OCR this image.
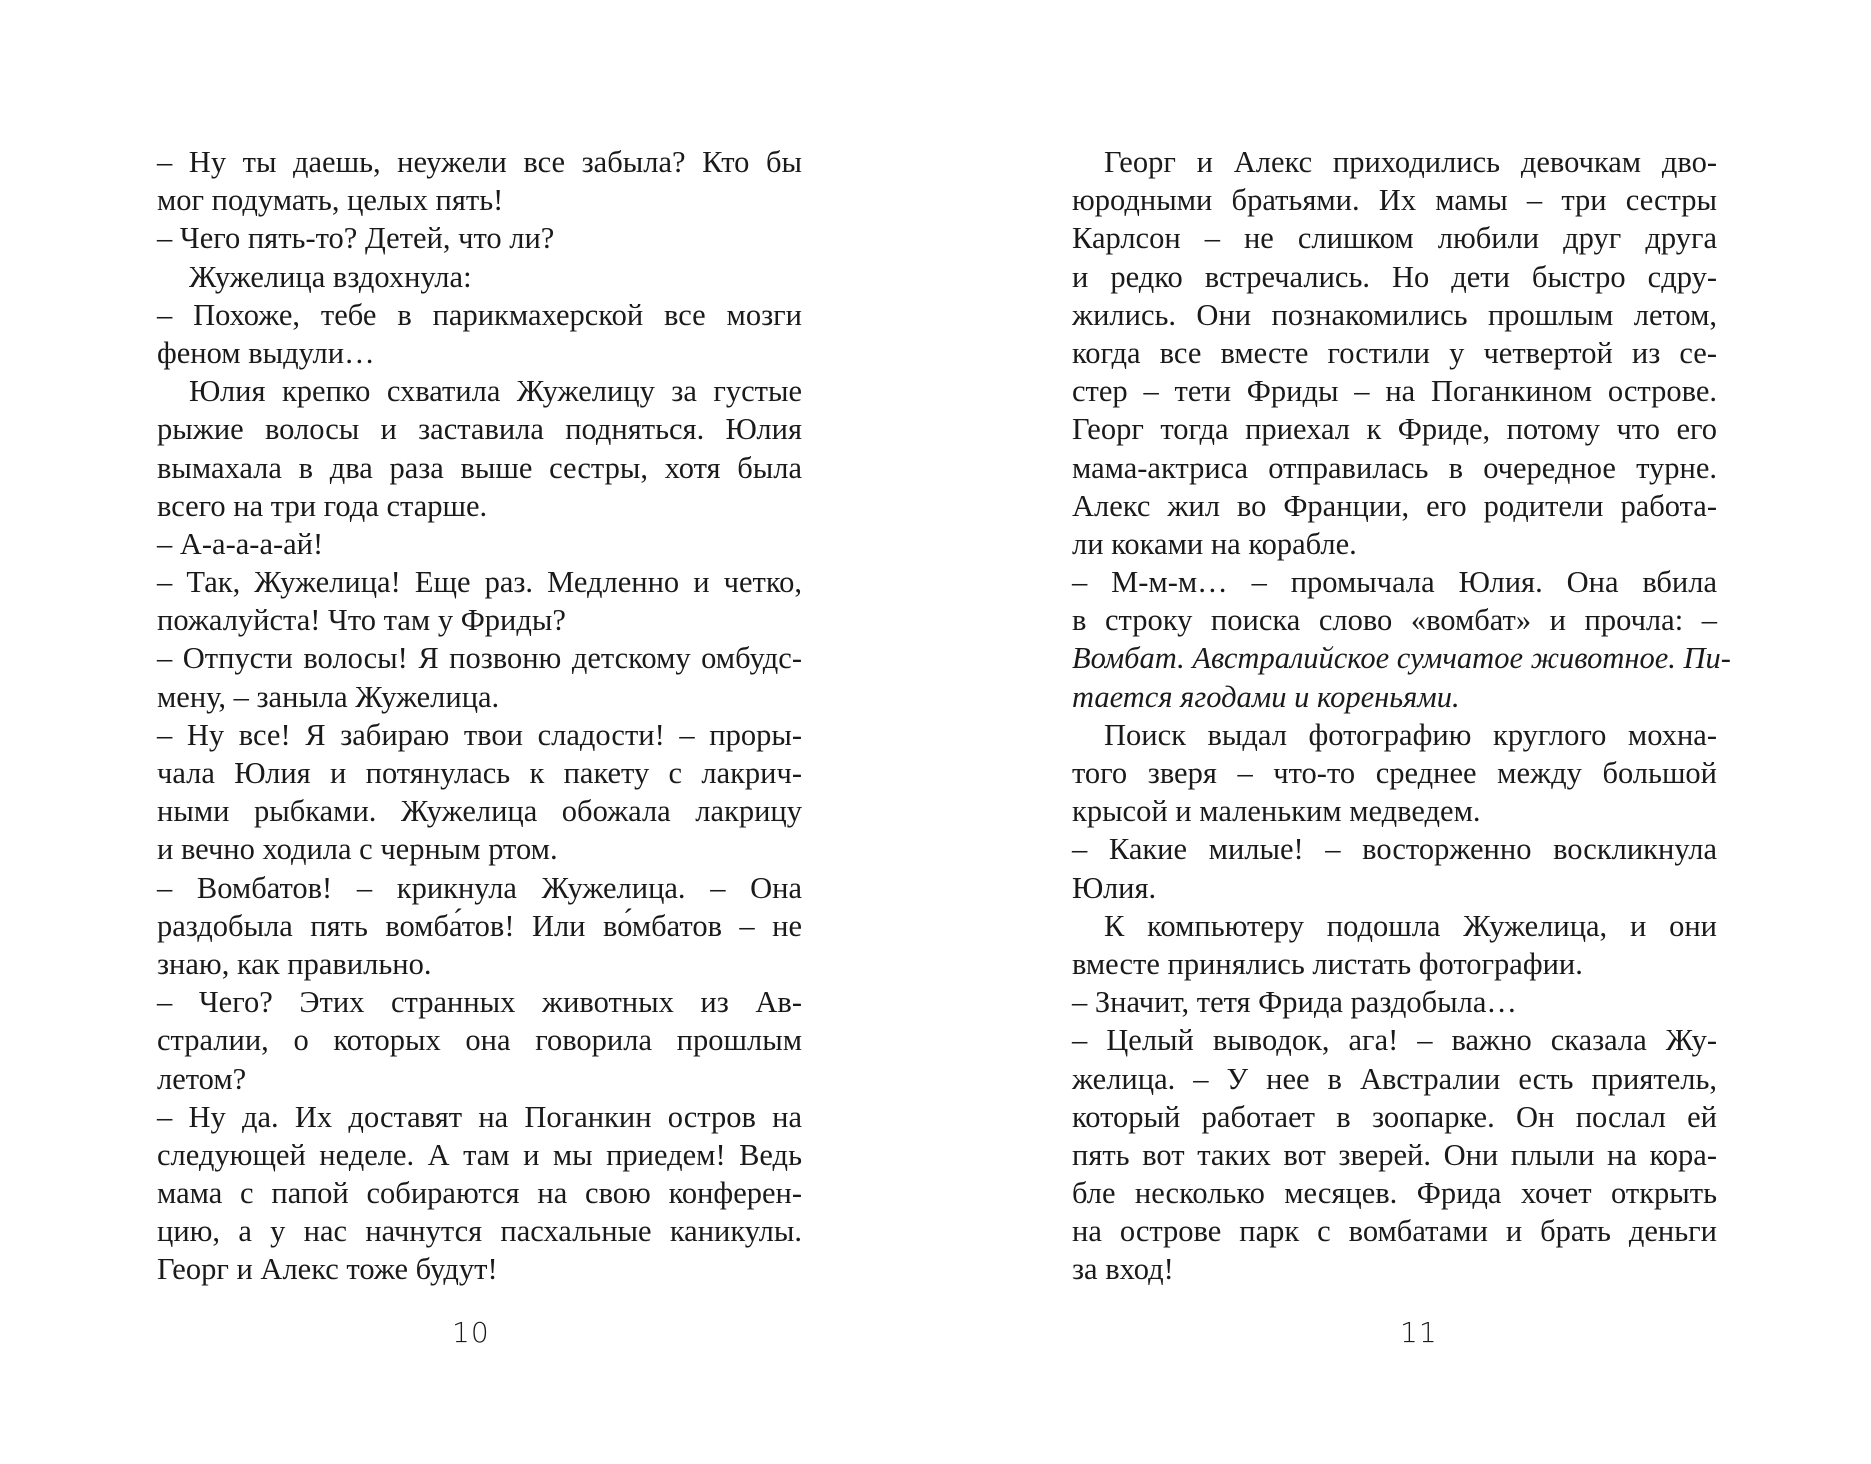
– Ну ты даешь, неужели все забыла? Кто бы
мог подумать, целых пять!
– Чего пять-то? Детей, что ли?
Жужелица вздохнула:
– Похоже, тебе в парикмахерской все мозги
феном выдули…
Юлия крепко схватила Жужелицу за густые
рыжие волосы и заставила подняться. Юлия
вымахала в два раза выше сестры, хотя была
всего на три года старше.
– А-а-а-а-ай!
– Так, Жужелица! Еще раз. Медленно и четко,
пожалуйста! Что там у Фриды?
– Отпусти волосы! Я позвоню детскому омбудс-
мену, – заныла Жужелица.
– Ну все! Я забираю твои сладости! – проры-
чала Юлия и потянулась к пакету с лакрич-
ными рыбками. Жужелица обожала лакрицу
и вечно ходила с черным ртом.
– Вомбатов! – крикнула Жужелица. – Она
раздобыла пять вомба́тов! Или во́мбатов – не
знаю, как правильно.
– Чего? Этих странных животных из Ав-
стралии, о которых она говорила прошлым
летом?
– Ну да. Их доставят на Поганкин остров на
следующей неделе. А там и мы приедем! Ведь
мама с папой собираются на свою конферен-
цию, а у нас начнутся пасхальные каникулы.
Георг и Алекс тоже будут!
10
Георг и Алекс приходились девочкам дво-
юродными братьями. Их мамы – три сестры
Карлсон – не слишком любили друг друга
и редко встречались. Но дети быстро сдру-
жились. Они познакомились прошлым летом,
когда все вместе гостили у четвертой из се-
стер – тети Фриды – на Поганкином острове.
Георг тогда приехал к Фриде, потому что его
мама-актриса отправилась в очередное турне.
Алекс жил во Франции, его родители работа-
ли коками на корабле.
– М-м-м… – промычала Юлия. Она вбила
в строку поиска слово «вомбат» и прочла: –
Вомбат. Австралийское сумчатое животное. Пи-
тается ягодами и кореньями.
Поиск выдал фотографию круглого мохна-
того зверя – что-то среднее между большой
крысой и маленьким медведем.
– Какие милые! – восторженно воскликнула
Юлия.
К компьютеру подошла Жужелица, и они
вместе принялись листать фотографии.
– Значит, тетя Фрида раздобыла…
– Целый выводок, ага! – важно сказала Жу-
желица. – У нее в Австралии есть приятель,
который работает в зоопарке. Он послал ей
пять вот таких вот зверей. Они плыли на кора-
бле несколько месяцев. Фрида хочет открыть
на острове парк с вомбатами и брать деньги
за вход!
11
